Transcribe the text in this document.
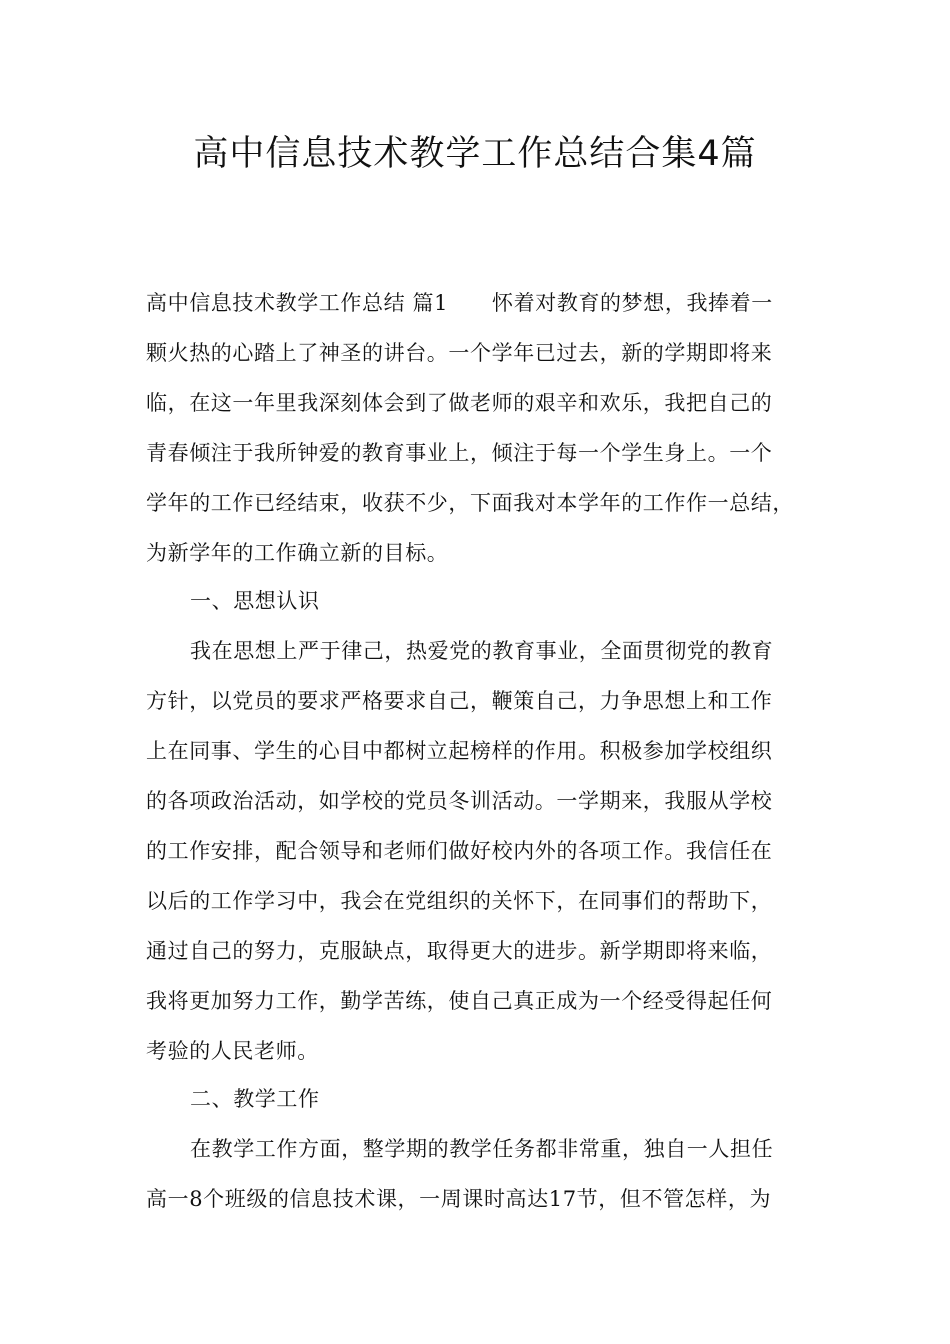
高中信息技术教学工作总结合集4篇
高中信息技术教学工作总结 篇1 怀着对教育的梦想，我捧着一
颗火热的心踏上了神圣的讲台。一个学年已过去，新的学期即将来
临，在这一年里我深刻体会到了做老师的艰辛和欢乐，我把自己的
青春倾注于我所钟爱的教育事业上，倾注于每一个学生身上。一个
学年的工作已经结束，收获不少，下面我对本学年的工作作一总结，
为新学年的工作确立新的目标。
一、思想认识
我在思想上严于律己，热爱党的教育事业，全面贯彻党的教育
方针，以党员的要求严格要求自己，鞭策自己，力争思想上和工作
上在同事、学生的心目中都树立起榜样的作用。积极参加学校组织
的各项政治活动，如学校的党员冬训活动。一学期来，我服从学校
的工作安排，配合领导和老师们做好校内外的各项工作。我信任在
以后的工作学习中，我会在党组织的关怀下，在同事们的帮助下，
通过自己的努力，克服缺点，取得更大的进步。新学期即将来临，
我将更加努力工作，勤学苦练，使自己真正成为一个经受得起任何
考验的人民老师。
二、教学工作
在教学工作方面，整学期的教学任务都非常重，独自一人担任
高一8个班级的信息技术课，一周课时高达17节，但不管怎样，为
